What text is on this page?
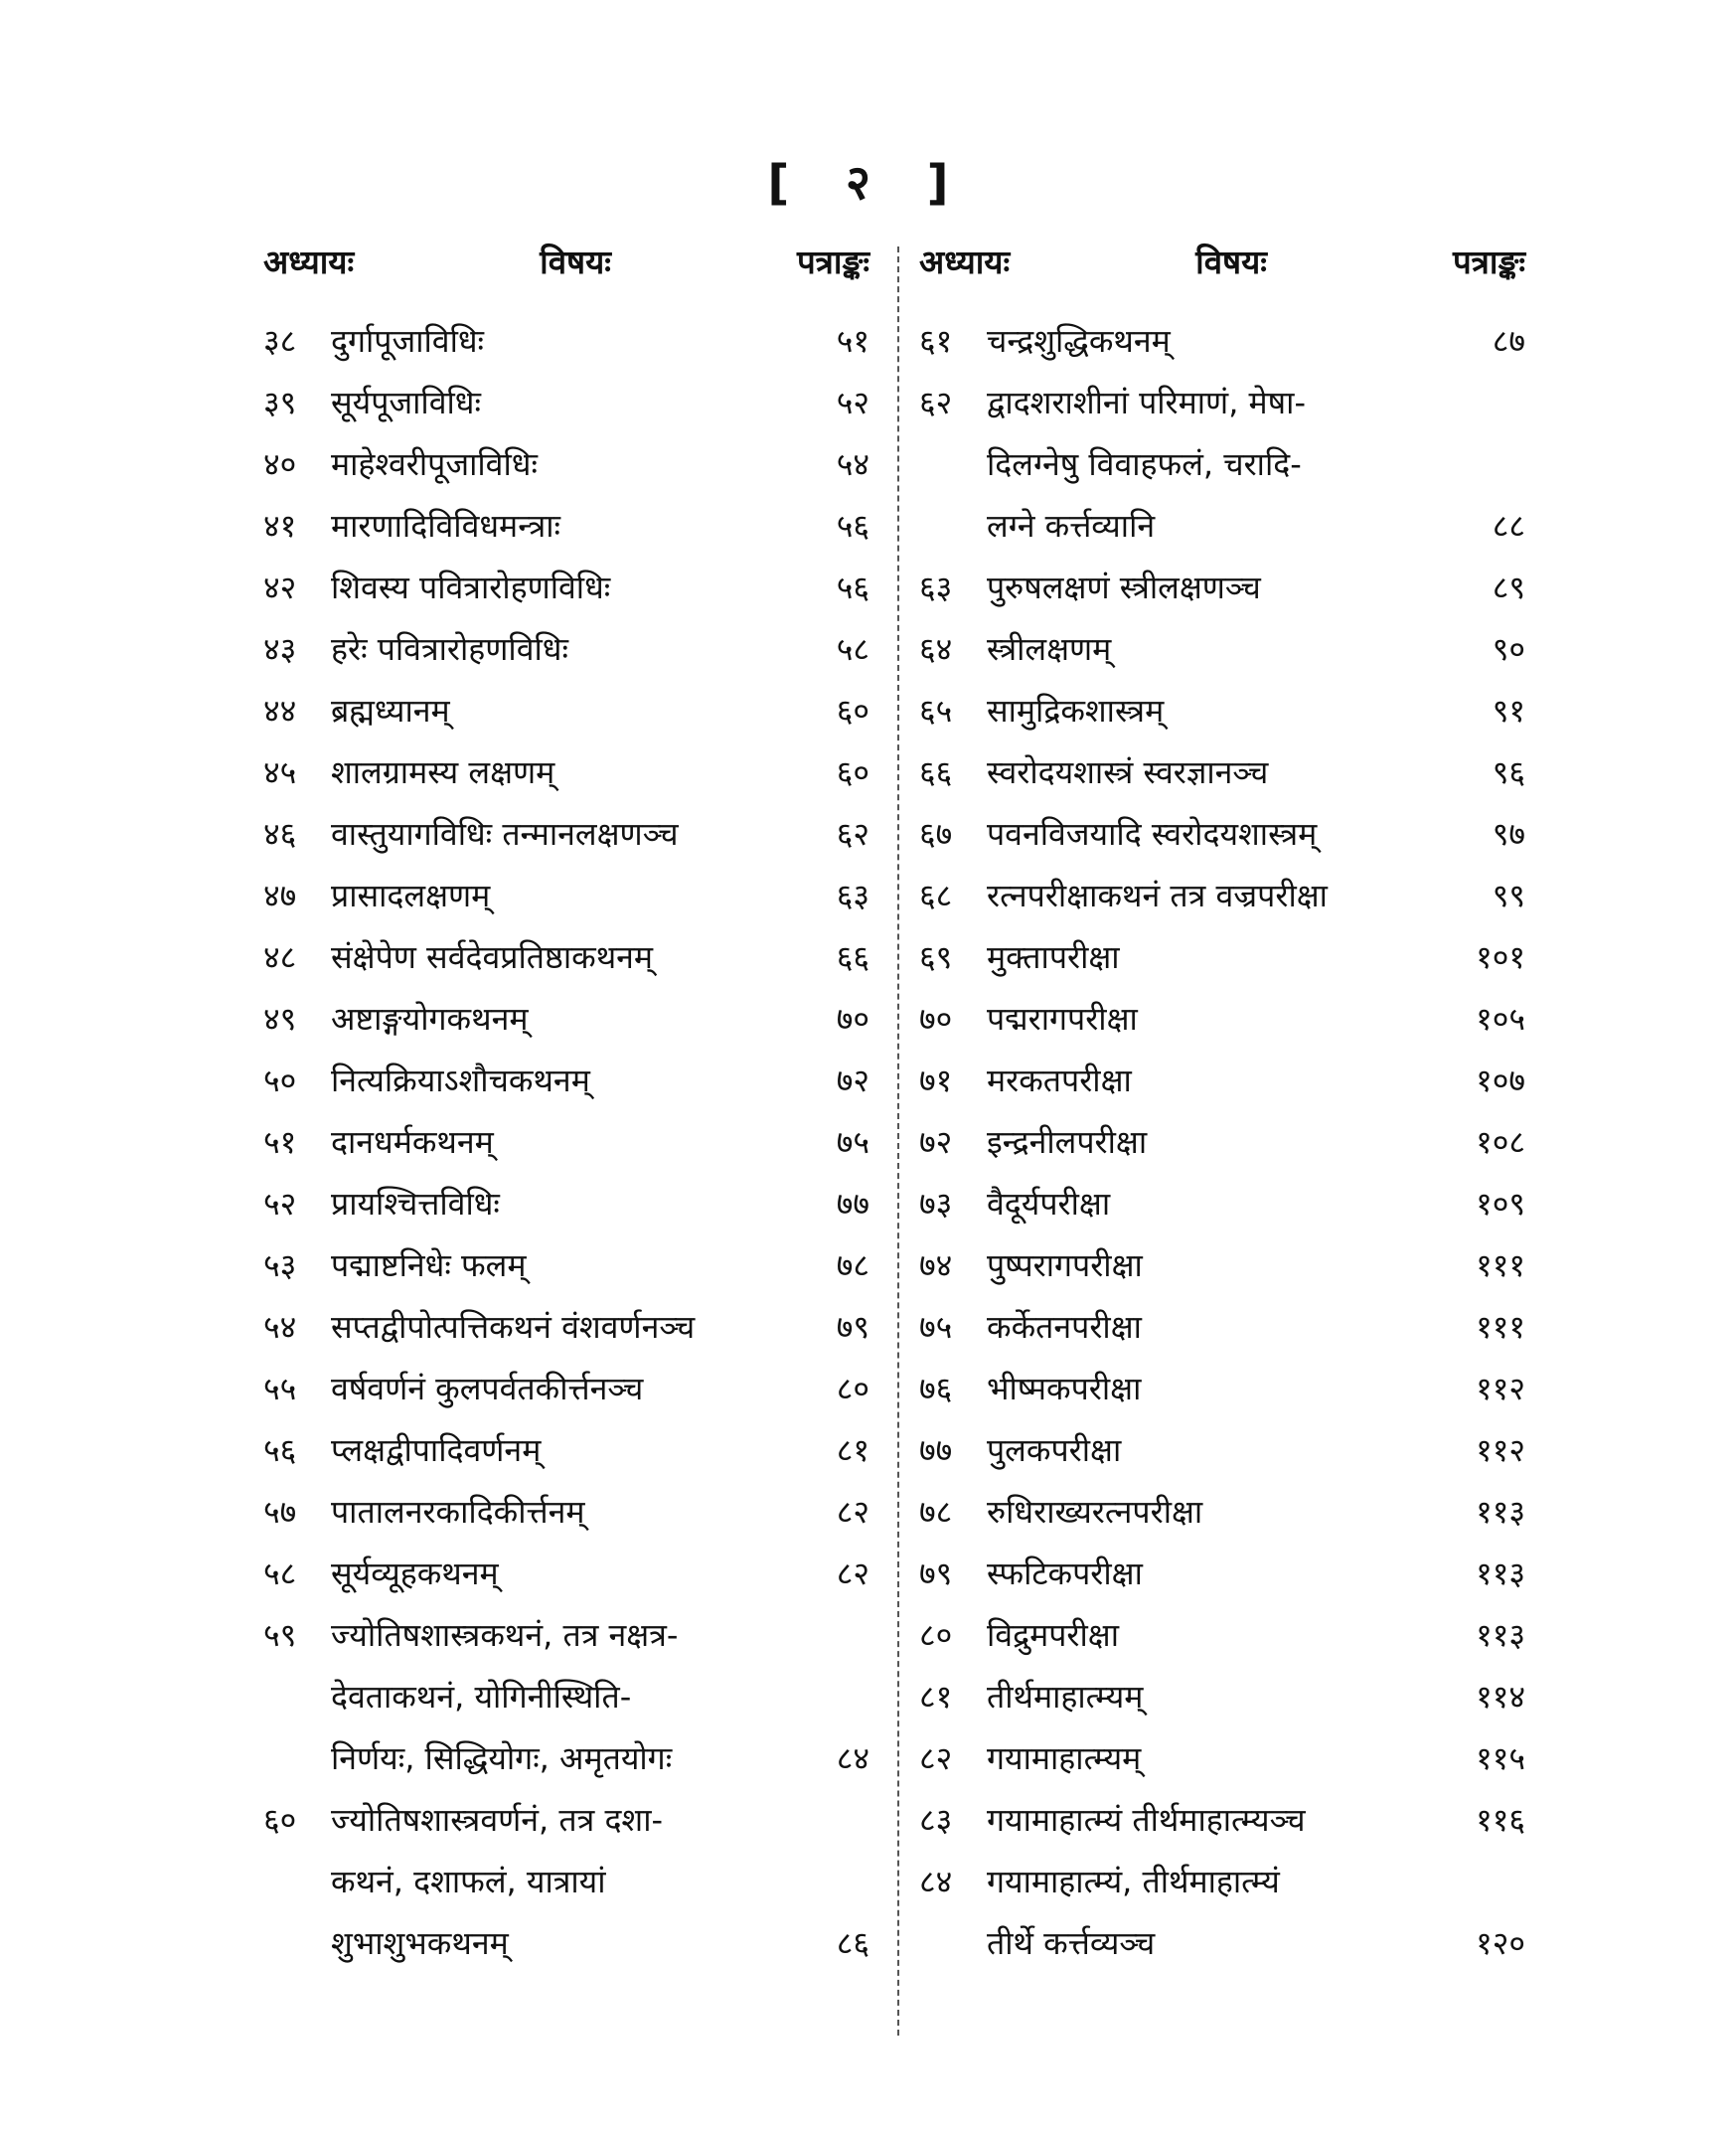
[ २ ]
अध्यायः	विषयः	पत्राङ्कः
३८	दुर्गापूजाविधिः	५१
३९	सूर्यपूजाविधिः	५२
४०	माहेश्वरीपूजाविधिः	५४
४१	मारणादिविविधमन्त्राः	५६
४२	शिवस्य पवित्रारोहणविधिः	५६
४३	हरेः पवित्रारोहणविधिः	५८
४४	ब्रह्मध्यानम्	६०
४५	शालग्रामस्य लक्षणम्	६०
४६	वास्तुयागविधिः तन्मानलक्षणञ्च	६२
४७	प्रासादलक्षणम्	६३
४८	संक्षेपेण सर्वदेवप्रतिष्ठाकथनम्	६६
४९	अष्टाङ्गयोगकथनम्	७०
५०	नित्यक्रियाऽशौचकथनम्	७२
५१	दानधर्मकथनम्	७५
५२	प्रायश्चित्तविधिः	७७
५३	पद्माष्टनिधेः फलम्	७८
५४	सप्तद्वीपोत्पत्तिकथनं वंशवर्णनञ्च	७९
५५	वर्षवर्णनं कुलपर्वतकीर्त्तनञ्च	८०
५६	प्लक्षद्वीपादिवर्णनम्	८१
५७	पातालनरकादिकीर्त्तनम्	८२
५८	सूर्यव्यूहकथनम्	८२
५९	ज्योतिषशास्त्रकथनं, तत्र नक्षत्र-
देवताकथनं, योगिनीस्थिति-
निर्णयः, सिद्धियोगः, अमृतयोगः	८४
६०	ज्योतिषशास्त्रवर्णनं, तत्र दशा-
कथनं, दशाफलं, यात्रायां
शुभाशुभकथनम्	८६
अध्यायः	विषयः	पत्राङ्कः
६१	चन्द्रशुद्धिकथनम्	८७
६२	द्वादशराशीनां परिमाणं, मेषा-
दिलग्नेषु विवाहफलं, चरादि-
लग्ने कर्त्तव्यानि	८८
६३	पुरुषलक्षणं स्त्रीलक्षणञ्च	८९
६४	स्त्रीलक्षणम्	९०
६५	सामुद्रिकशास्त्रम्	९१
६६	स्वरोदयशास्त्रं स्वरज्ञानञ्च	९६
६७	पवनविजयादि स्वरोदयशास्त्रम्	९७
६८	रत्नपरीक्षाकथनं तत्र वज्रपरीक्षा	९९
६९	मुक्तापरीक्षा	१०१
७०	पद्मरागपरीक्षा	१०५
७१	मरकतपरीक्षा	१०७
७२	इन्द्रनीलपरीक्षा	१०८
७३	वैदूर्यपरीक्षा	१०९
७४	पुष्परागपरीक्षा	१११
७५	कर्केतनपरीक्षा	१११
७६	भीष्मकपरीक्षा	११२
७७	पुलकपरीक्षा	११२
७८	रुधिराख्यरत्नपरीक्षा	११३
७९	स्फटिकपरीक्षा	११३
८०	विद्रुमपरीक्षा	११३
८१	तीर्थमाहात्म्यम्	११४
८२	गयामाहात्म्यम्	११५
८३	गयामाहात्म्यं तीर्थमाहात्म्यञ्च	११६
८४	गयामाहात्म्यं, तीर्थमाहात्म्यं
तीर्थे कर्त्तव्यञ्च	१२०
